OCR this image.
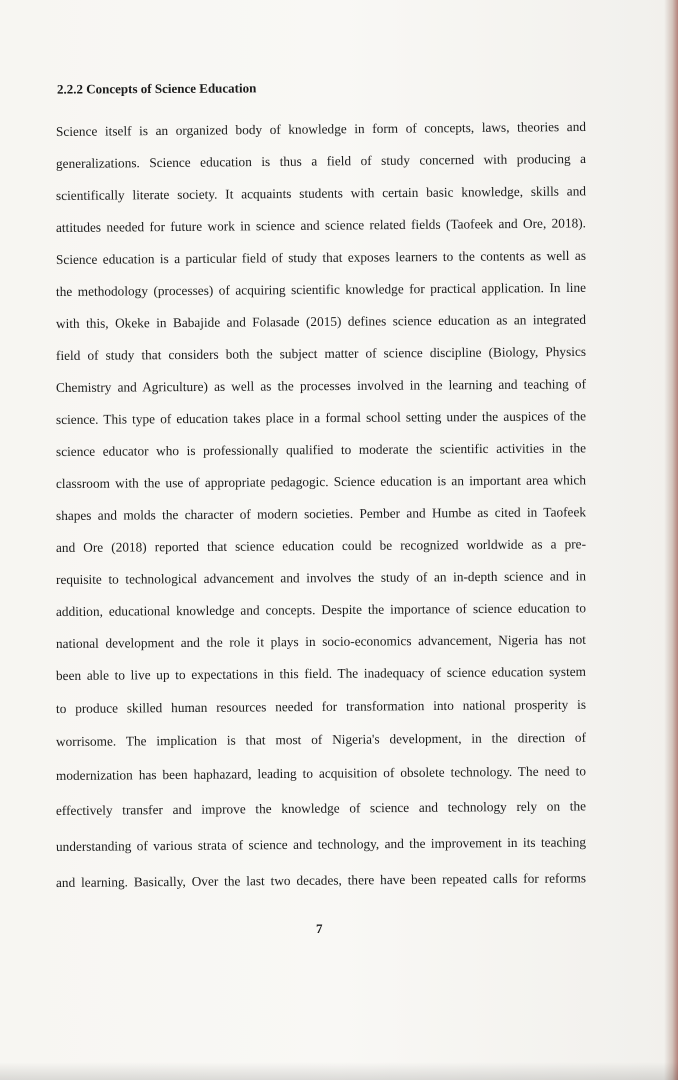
2.2.2 Concepts of Science Education
Science itself is an organized body of knowledge in form of concepts, laws, theories and
generalizations. Science education is thus a field of study concerned with producing a
scientifically literate society. It acquaints students with certain basic knowledge, skills and
attitudes needed for future work in science and science related fields (Taofeek and Ore, 2018).
Science education is a particular field of study that exposes learners to the contents as well as
the methodology (processes) of acquiring scientific knowledge for practical application. In line
with this, Okeke in Babajide and Folasade (2015) defines science education as an integrated
field of study that considers both the subject matter of science discipline (Biology, Physics
Chemistry and Agriculture) as well as the processes involved in the learning and teaching of
science. This type of education takes place in a formal school setting under the auspices of the
science educator who is professionally qualified to moderate the scientific activities in the
classroom with the use of appropriate pedagogic. Science education is an important area which
shapes and molds the character of modern societies. Pember and Humbe as cited in Taofeek
and Ore (2018) reported that science education could be recognized worldwide as a pre-
requisite to technological advancement and involves the study of an in-depth science and in
addition, educational knowledge and concepts. Despite the importance of science education to
national development and the role it plays in socio-economics advancement, Nigeria has not
been able to live up to expectations in this field. The inadequacy of science education system
to produce skilled human resources needed for transformation into national prosperity is
worrisome. The implication is that most of Nigeria's development, in the direction of
modernization has been haphazard, leading to acquisition of obsolete technology. The need to
effectively transfer and improve the knowledge of science and technology rely on the
understanding of various strata of science and technology, and the improvement in its teaching
and learning. Basically, Over the last two decades, there have been repeated calls for reforms
7
